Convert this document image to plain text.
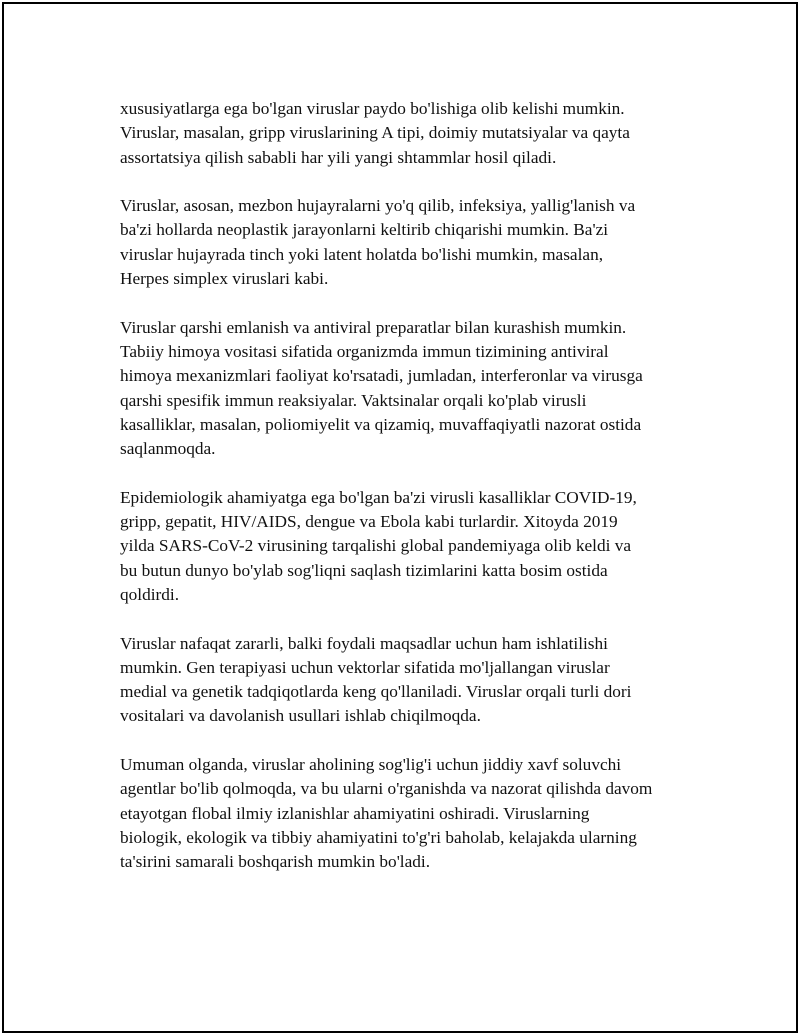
xususiyatlarga ega bo'lgan viruslar paydo bo'lishiga olib kelishi mumkin.
Viruslar, masalan, gripp viruslarining A tipi, doimiy mutatsiyalar va qayta
assortatsiya qilish sababli har yili yangi shtammlar hosil qiladi.

Viruslar, asosan, mezbon hujayralarni yo'q qilib, infeksiya, yallig'lanish va
ba'zi hollarda neoplastik jarayonlarni keltirib chiqarishi mumkin. Ba'zi
viruslar hujayrada tinch yoki latent holatda bo'lishi mumkin, masalan,
Herpes simplex viruslari kabi.

Viruslar qarshi emlanish va antiviral preparatlar bilan kurashish mumkin.
Tabiiy himoya vositasi sifatida organizmda immun tizimining antiviral
himoya mexanizmlari faoliyat ko'rsatadi, jumladan, interferonlar va virusga
qarshi spesifik immun reaksiyalar. Vaktsinalar orqali ko'plab virusli
kasalliklar, masalan, poliomiyelit va qizamiq, muvaffaqiyatli nazorat ostida
saqlanmoqda.

Epidemiologik ahamiyatga ega bo'lgan ba'zi virusli kasalliklar COVID-19,
gripp, gepatit, HIV/AIDS, dengue va Ebola kabi turlardir. Xitoyda 2019
yilda SARS-CoV-2 virusining tarqalishi global pandemiyaga olib keldi va
bu butun dunyo bo'ylab sog'liqni saqlash tizimlarini katta bosim ostida
qoldirdi.

Viruslar nafaqat zararli, balki foydali maqsadlar uchun ham ishlatilishi
mumkin. Gen terapiyasi uchun vektorlar sifatida mo'ljallangan viruslar
medial va genetik tadqiqotlarda keng qo'llaniladi. Viruslar orqali turli dori
vositalari va davolanish usullari ishlab chiqilmoqda.

Umuman olganda, viruslar aholining sog'lig'i uchun jiddiy xavf soluvchi
agentlar bo'lib qolmoqda, va bu ularni o'rganishda va nazorat qilishda davom
etayotgan flobal ilmiy izlanishlar ahamiyatini oshiradi. Viruslarning
biologik, ekologik va tibbiy ahamiyatini to'g'ri baholab, kelajakda ularning
ta'sirini samarali boshqarish mumkin bo'ladi.
